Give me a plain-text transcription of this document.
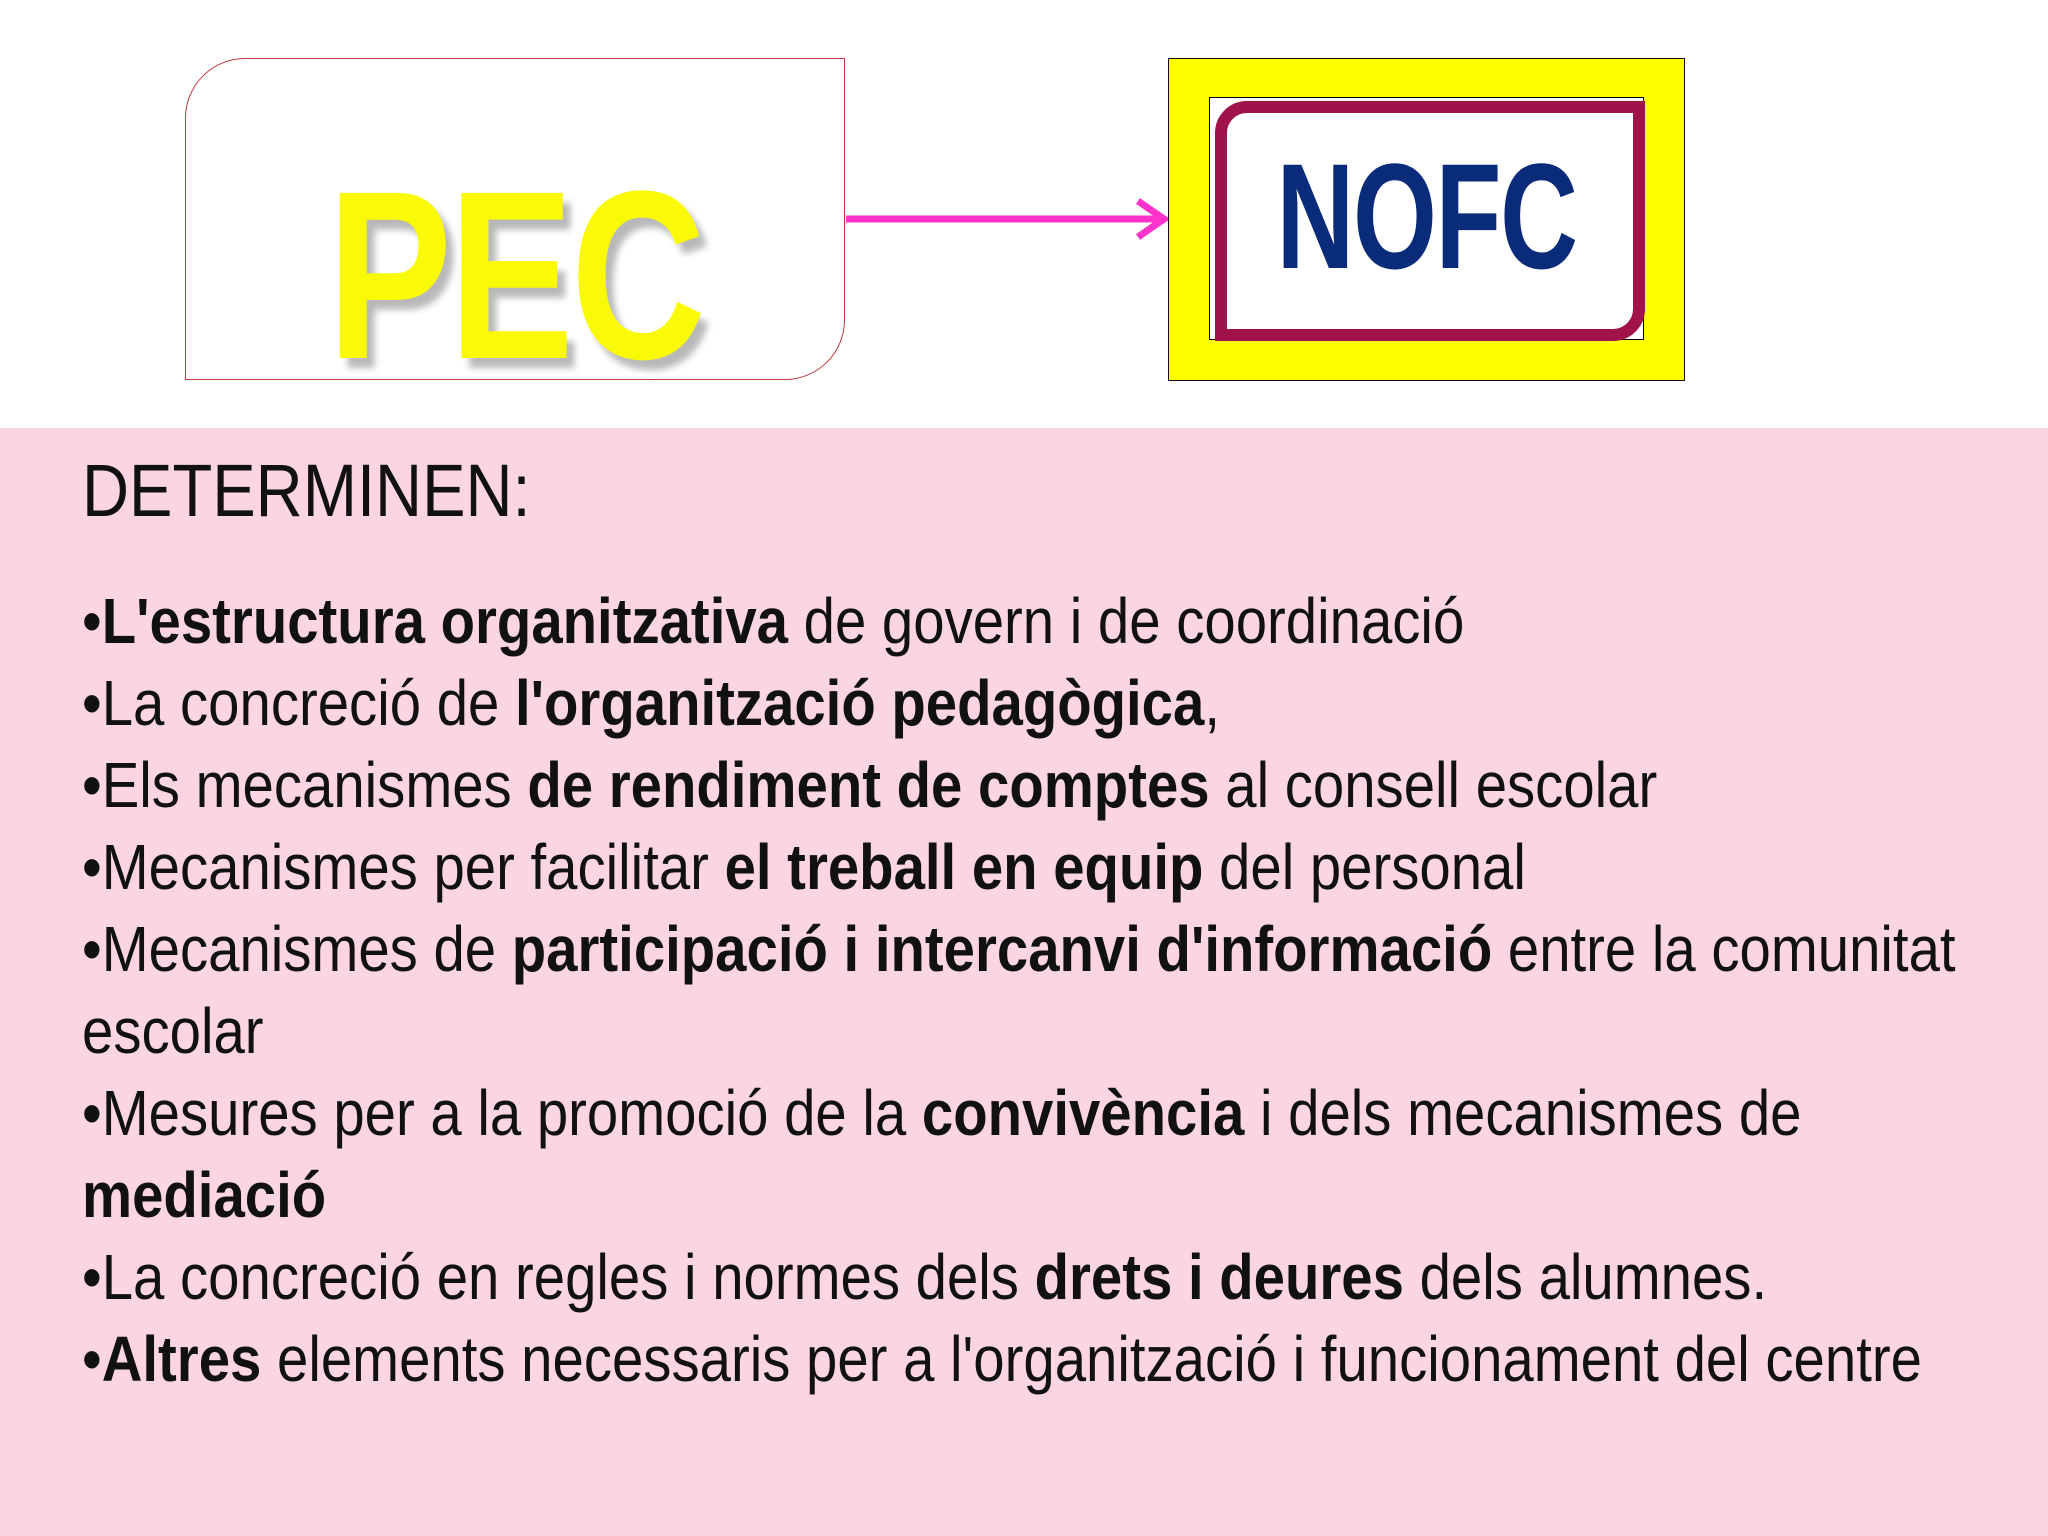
PEC	NOFC
DETERMINEN:
•L'estructura organitzativa de govern i de coordinació
•La concreció de l'organització pedagògica,
•Els mecanismes de rendiment de comptes al consell escolar
•Mecanismes per facilitar el treball en equip del personal
•Mecanismes de participació i intercanvi d'informació entre la comunitat escolar
•Mesures per a la promoció de la convivència i dels mecanismes de mediació
•La concreció en regles i normes dels drets i deures dels alumnes.
•Altres elements necessaris per a l'organització i funcionament del centre
